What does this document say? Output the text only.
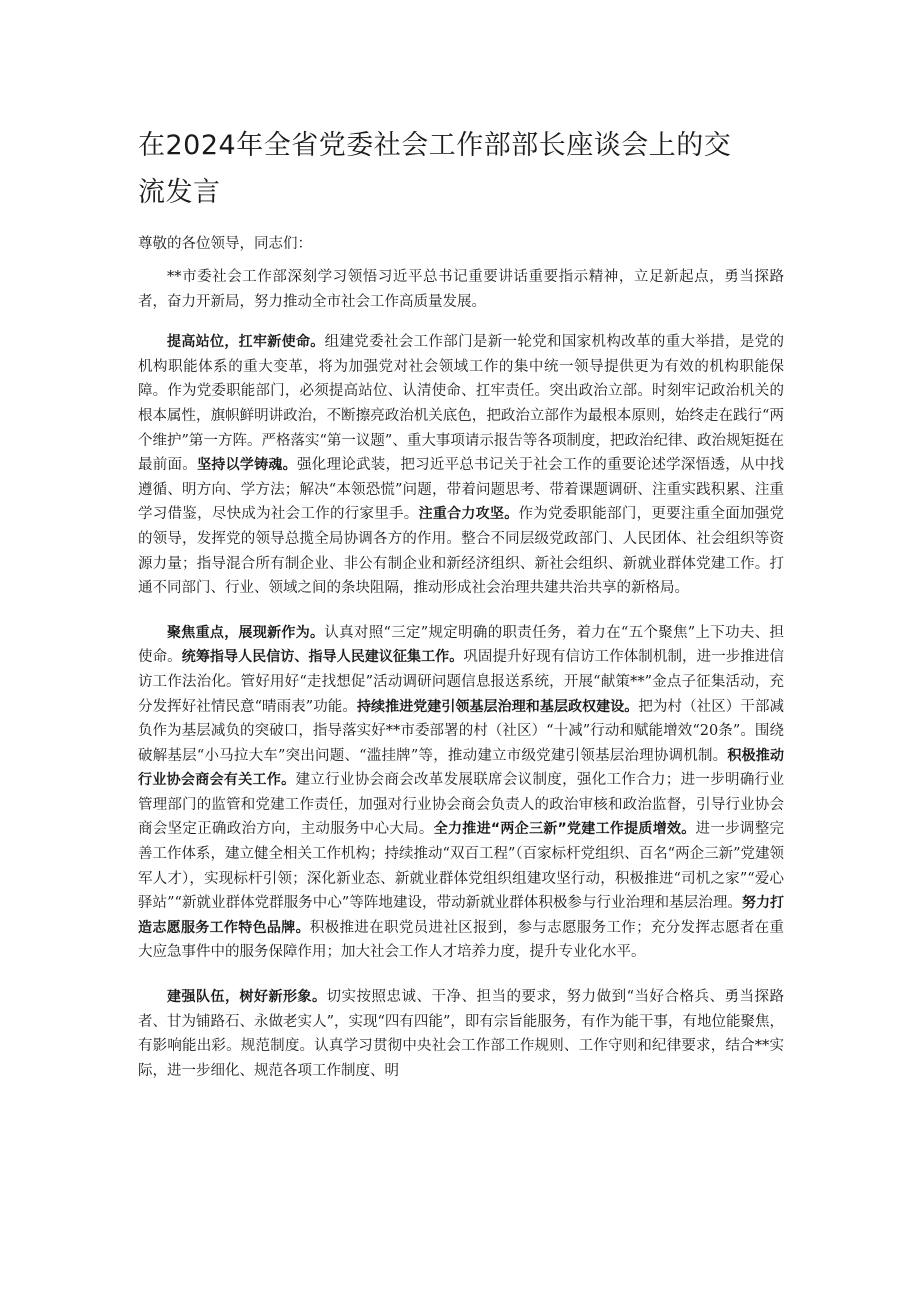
在2024年全省党委社会工作部部长座谈会上的交流发言

尊敬的各位领导，同志们：

**市委社会工作部深刻学习领悟习近平总书记重要讲话重要指示精神，立足新起点，勇当探路者，奋力开新局，努力推动全市社会工作高质量发展。

提高站位，扛牢新使命。组建党委社会工作部门是新一轮党和国家机构改革的重大举措，是党的机构职能体系的重大变革，将为加强党对社会领域工作的集中统一领导提供更为有效的机构职能保障。作为党委职能部门，必须提高站位、认清使命、扛牢责任。突出政治立部。时刻牢记政治机关的根本属性，旗帜鲜明讲政治，不断擦亮政治机关底色，把政治立部作为最根本原则，始终走在践行“两个维护”第一方阵。严格落实“第一议题”、重大事项请示报告等各项制度，把政治纪律、政治规矩挺在最前面。坚持以学铸魂。强化理论武装，把习近平总书记关于社会工作的重要论述学深悟透，从中找遵循、明方向、学方法；解决“本领恐慌”问题，带着问题思考、带着课题调研、注重实践积累、注重学习借鉴，尽快成为社会工作的行家里手。注重合力攻坚。作为党委职能部门，更要注重全面加强党的领导，发挥党的领导总揽全局协调各方的作用。整合不同层级党政部门、人民团体、社会组织等资源力量；指导混合所有制企业、非公有制企业和新经济组织、新社会组织、新就业群体党建工作。打通不同部门、行业、领域之间的条块阻隔，推动形成社会治理共建共治共享的新格局。

聚焦重点，展现新作为。认真对照“三定”规定明确的职责任务，着力在“五个聚焦”上下功夫、担使命。统筹指导人民信访、指导人民建议征集工作。巩固提升好现有信访工作体制机制，进一步推进信访工作法治化。管好用好“走找想促”活动调研问题信息报送系统，开展“献策**”金点子征集活动，充分发挥好社情民意“晴雨表”功能。持续推进党建引领基层治理和基层政权建设。把为村（社区）干部减负作为基层减负的突破口，指导落实好**市委部署的村（社区）“十减”行动和赋能增效“20条”。围绕破解基层“小马拉大车”突出问题、“滥挂牌”等，推动建立市级党建引领基层治理协调机制。积极推动行业协会商会有关工作。建立行业协会商会改革发展联席会议制度，强化工作合力；进一步明确行业管理部门的监管和党建工作责任，加强对行业协会商会负责人的政治审核和政治监督，引导行业协会商会坚定正确政治方向，主动服务中心大局。全力推进“两企三新”党建工作提质增效。进一步调整完善工作体系，建立健全相关工作机构；持续推动“双百工程”（百家标杆党组织、百名“两企三新”党建领军人才），实现标杆引领；深化新业态、新就业群体党组织组建攻坚行动，积极推进“司机之家”“爱心驿站”“新就业群体党群服务中心”等阵地建设，带动新就业群体积极参与行业治理和基层治理。努力打造志愿服务工作特色品牌。积极推进在职党员进社区报到，参与志愿服务工作；充分发挥志愿者在重大应急事件中的服务保障作用；加大社会工作人才培养力度，提升专业化水平。

建强队伍，树好新形象。切实按照忠诚、干净、担当的要求，努力做到“当好合格兵、勇当探路者、甘为铺路石、永做老实人”，实现“四有四能”，即有宗旨能服务，有作为能干事，有地位能聚焦，有影响能出彩。规范制度。认真学习贯彻中央社会工作部工作规则、工作守则和纪律要求，结合**实际，进一步细化、规范各项工作制度、明
